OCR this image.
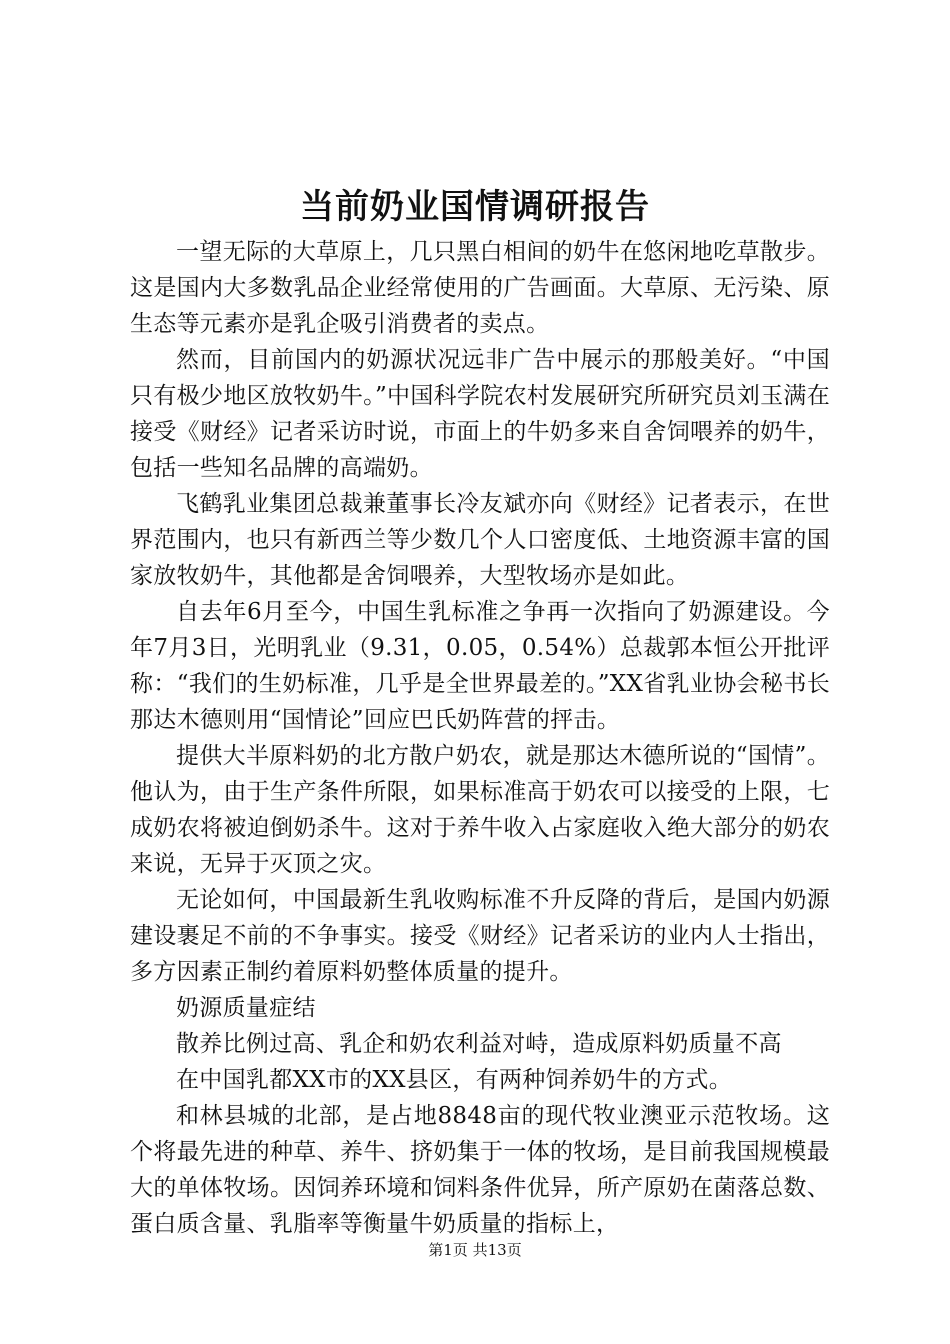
当前奶业国情调研报告

一望无际的大草原上，几只黑白相间的奶牛在悠闲地吃草散步。这是国内大多数乳品企业经常使用的广告画面。大草原、无污染、原生态等元素亦是乳企吸引消费者的卖点。

然而，目前国内的奶源状况远非广告中展示的那般美好。“中国只有极少地区放牧奶牛。”中国科学院农村发展研究所研究员刘玉满在接受《财经》记者采访时说，市面上的牛奶多来自舍饲喂养的奶牛，包括一些知名品牌的高端奶。

飞鹤乳业集团总裁兼董事长冷友斌亦向《财经》记者表示，在世界范围内，也只有新西兰等少数几个人口密度低、土地资源丰富的国家放牧奶牛，其他都是舍饲喂养，大型牧场亦是如此。

自去年6月至今，中国生乳标准之争再一次指向了奶源建设。今年7月3日，光明乳业（9.31，0.05，0.54%）总裁郭本恒公开批评称：“我们的生奶标准，几乎是全世界最差的。”XX省乳业协会秘书长那达木德则用“国情论”回应巴氏奶阵营的抨击。

提供大半原料奶的北方散户奶农，就是那达木德所说的“国情”。他认为，由于生产条件所限，如果标准高于奶农可以接受的上限，七成奶农将被迫倒奶杀牛。这对于养牛收入占家庭收入绝大部分的奶农来说，无异于灭顶之灾。

无论如何，中国最新生乳收购标准不升反降的背后，是国内奶源建设裹足不前的不争事实。接受《财经》记者采访的业内人士指出，多方因素正制约着原料奶整体质量的提升。

奶源质量症结

散养比例过高、乳企和奶农利益对峙，造成原料奶质量不高

在中国乳都XX市的XX县区，有两种饲养奶牛的方式。

和林县城的北部，是占地8848亩的现代牧业澳亚示范牧场。这个将最先进的种草、养牛、挤奶集于一体的牧场，是目前我国规模最大的单体牧场。因饲养环境和饲料条件优异，所产原奶在菌落总数、蛋白质含量、乳脂率等衡量牛奶质量的指标上，

第1页 共13页
